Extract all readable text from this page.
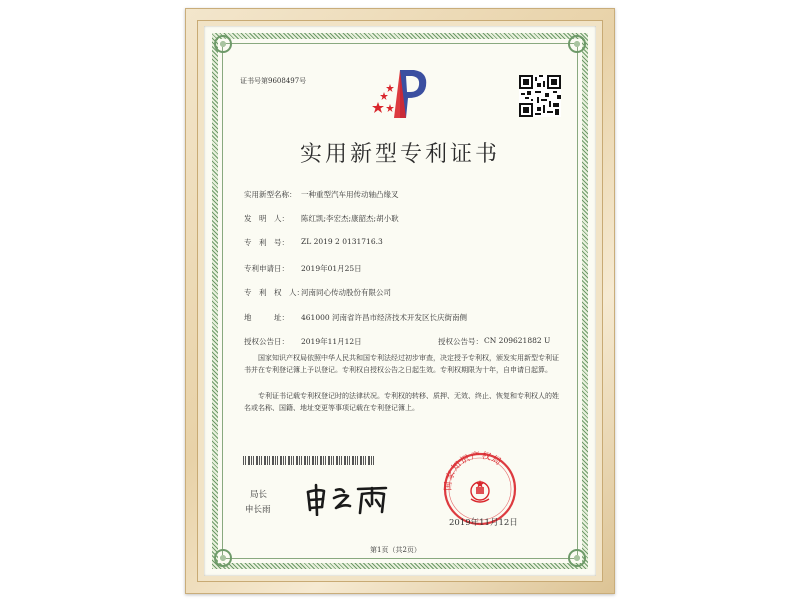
证书号第9608497号
实用新型专利证书
实用新型名称： 一种重型汽车用传动轴凸缘叉
发　明　人： 陈红凯;李宏杰;康韶杰;胡小耿
专　利　号： ZL 2019 2 0131716.3
专利申请日： 2019年01月25日
专　利　权　人：
河南同心传动股份有限公司
地　　　址： 461000 河南省许昌市经济技术开发区长庆街南侧
授权公告日： 2019年11月12日	授权公告号： CN 209621882 U
国家知识产权局依照中华人民共和国专利法经过初步审查，决定授予专利权，颁发实用新型专利证书并在专利登记簿上予以登记。专利权自授权公告之日起生效。专利权期限为十年，自申请日起算。
专利证书记载专利权登记时的法律状况。专利权的转移、质押、无效、终止、恢复和专利权人的姓名或名称、国籍、地址变更等事项记载在专利登记簿上。
局长
申长雨
国家知识产权局
2019年11月12日
第1页（共2页）
